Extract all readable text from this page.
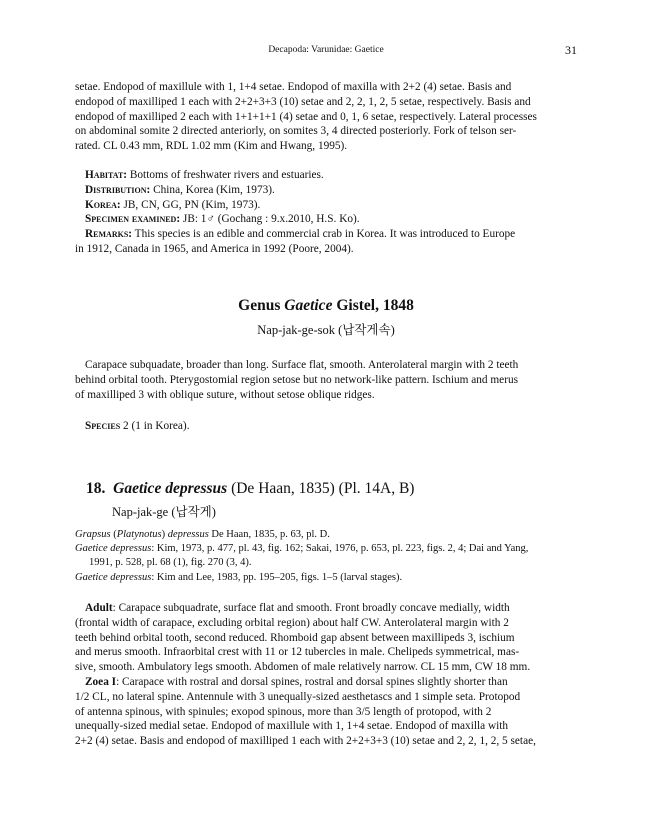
Decapoda: Varunidae: Gaetice	31

setae. Endopod of maxillule with 1, 1+4 setae. Endopod of maxilla with 2+2 (4) setae. Basis and
endopod of maxilliped 1 each with 2+2+3+3 (10) setae and 2, 2, 1, 2, 5 setae, respectively. Basis and
endopod of maxilliped 2 each with 1+1+1+1 (4) setae and 0, 1, 6 setae, respectively. Lateral processes
on abdominal somite 2 directed anteriorly, on somites 3, 4 directed posteriorly. Fork of telson ser-
rated. CL 0.43 mm, RDL 1.02 mm (Kim and Hwang, 1995).

Habitat: Bottoms of freshwater rivers and estuaries.
Distribution: China, Korea (Kim, 1973).
Korea: JB, CN, GG, PN (Kim, 1973).
Specimen examined: JB: 1♂ (Gochang : 9.x.2010, H.S. Ko).
Remarks: This species is an edible and commercial crab in Korea. It was introduced to Europe
in 1912, Canada in 1965, and America in 1992 (Poore, 2004).

Genus Gaetice Gistel, 1848

Nap-jak-ge-sok (납작게속)

Carapace subquadate, broader than long. Surface flat, smooth. Anterolateral margin with 2 teeth
behind orbital tooth. Pterygostomial region setose but no network-like pattern. Ischium and merus
of maxilliped 3 with oblique suture, without setose oblique ridges.

Species 2 (1 in Korea).

18. Gaetice depressus (De Haan, 1835) (Pl. 14A, B)

Nap-jak-ge (납작게)

Grapsus (Platynotus) depressus De Haan, 1835, p. 63, pl. D.
Gaetice depressus: Kim, 1973, p. 477, pl. 43, fig. 162; Sakai, 1976, p. 653, pl. 223, figs. 2, 4; Dai and Yang,
1991, p. 528, pl. 68 (1), fig. 270 (3, 4).
Gaetice depressus: Kim and Lee, 1983, pp. 195–205, figs. 1–5 (larval stages).

Adult: Carapace subquadrate, surface flat and smooth. Front broadly concave medially, width
(frontal width of carapace, excluding orbital region) about half CW. Anterolateral margin with 2
teeth behind orbital tooth, second reduced. Rhomboid gap absent between maxillipeds 3, ischium
and merus smooth. Infraorbital crest with 11 or 12 tubercles in male. Chelipeds symmetrical, mas-
sive, smooth. Ambulatory legs smooth. Abdomen of male relatively narrow. CL 15 mm, CW 18 mm.
Zoea I: Carapace with rostral and dorsal spines, rostral and dorsal spines slightly shorter than
1/2 CL, no lateral spine. Antennule with 3 unequally-sized aesthetascs and 1 simple seta. Protopod
of antenna spinous, with spinules; exopod spinous, more than 3/5 length of protopod, with 2
unequally-sized medial setae. Endopod of maxillule with 1, 1+4 setae. Endopod of maxilla with
2+2 (4) setae. Basis and endopod of maxilliped 1 each with 2+2+3+3 (10) setae and 2, 2, 1, 2, 5 setae,
